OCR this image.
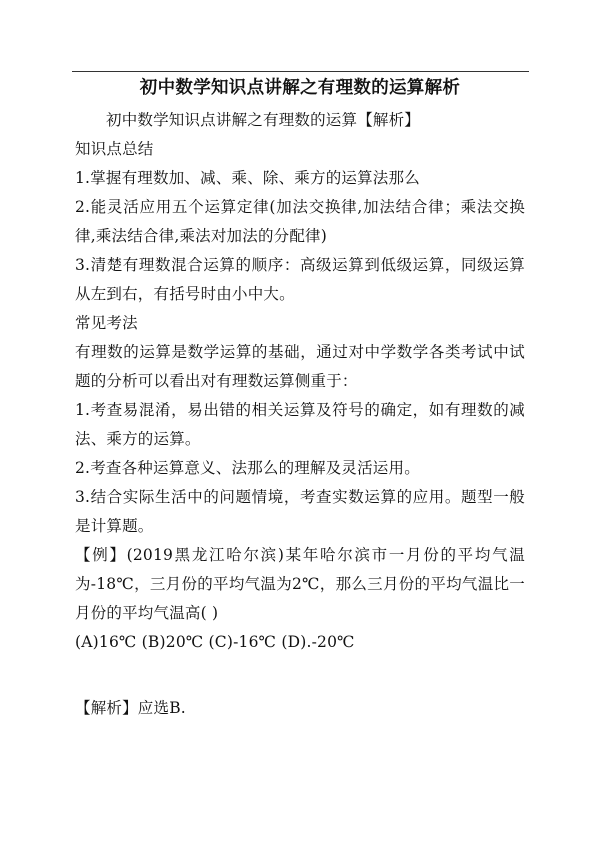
初中数学知识点讲解之有理数的运算解析

初中数学知识点讲解之有理数的运算【解析】

知识点总结

1.掌握有理数加、减、乘、除、乘方的运算法那么

2.能灵活应用五个运算定律(加法交换律,加法结合律；乘法交换律,乘法结合律,乘法对加法的分配律)

3.清楚有理数混合运算的顺序：高级运算到低级运算，同级运算从左到右，有括号时由小中大。

常见考法

有理数的运算是数学运算的基础，通过对中学数学各类考试中试题的分析可以看出对有理数运算侧重于：

1.考查易混淆，易出错的相关运算及符号的确定，如有理数的减法、乘方的运算。

2.考查各种运算意义、法那么的理解及灵活运用。

3.结合实际生活中的问题情境，考查实数运算的应用。题型一般是计算题。

【例】(2019黑龙江哈尔滨)某年哈尔滨市一月份的平均气温为-18℃，三月份的平均气温为2℃，那么三月份的平均气温比一月份的平均气温高( )

(A)16℃ (B)20℃ (C)-16℃ (D).-20℃

【解析】应选B.
